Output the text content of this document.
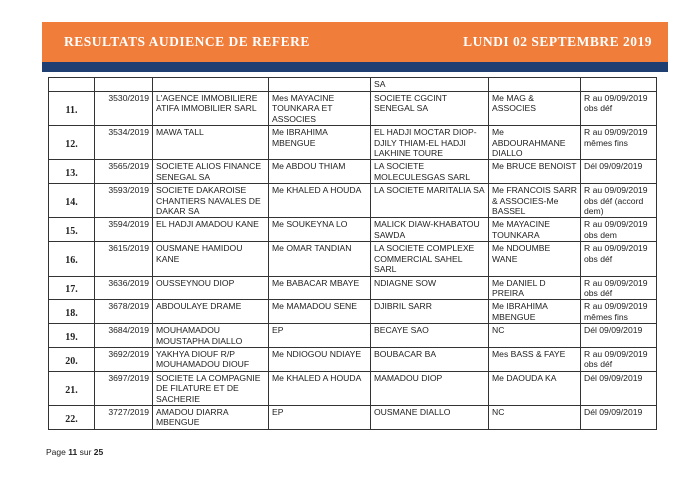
RESULTATS AUDIENCE DE REFERE	LUNDI 02 SEPTEMBRE 2019
				SA		
11.	3530/2019	L'AGENCE IMMOBILIERE ATIFA IMMOBILIER SARL	Mes MAYACINE TOUNKARA ET ASSOCIES	SOCIETE CGCINT SENEGAL SA	Me MAG & ASSOCIES	R au 09/09/2019 obs déf
12.	3534/2019	MAWA TALL	Me IBRAHIMA MBENGUE	EL HADJI MOCTAR DIOP-DJILY THIAM-EL HADJI LAKHINE TOURE	Me ABDOURAHMANE DIALLO	R au 09/09/2019 mêmes fins
13.	3565/2019	SOCIETE ALIOS FINANCE SENEGAL SA	Me ABDOU THIAM	LA SOCIETE MOLECULESGAS SARL	Me BRUCE BENOIST	Dél 09/09/2019
14.	3593/2019	SOCIETE DAKAROISE CHANTIERS NAVALES DE DAKAR SA	Me KHALED A HOUDA	LA SOCIETE MARITALIA SA	Me FRANCOIS SARR & ASSOCIES-Me BASSEL	R au 09/09/2019 obs déf (accord dem)
15.	3594/2019	EL HADJI AMADOU KANE	Me SOUKEYNA LO	MALICK DIAW-KHABATOU SAWDA	Me MAYACINE TOUNKARA	R au 09/09/2019 obs dem
16.	3615/2019	OUSMANE HAMIDOU KANE	Me OMAR TANDIAN	LA SOCIETE COMPLEXE COMMERCIAL SAHEL SARL	Me NDOUMBE WANE	R au 09/09/2019 obs déf
17.	3636/2019	OUSSEYNOU DIOP	Me BABACAR MBAYE	NDIAGNE SOW	Me DANIEL D PREIRA	R au 09/09/2019 obs déf
18.	3678/2019	ABDOULAYE DRAME	Me MAMADOU SENE	DJIBRIL SARR	Me IBRAHIMA MBENGUE	R au 09/09/2019 mêmes fins
19.	3684/2019	MOUHAMADOU MOUSTAPHA DIALLO	EP	BECAYE SAO	NC	Dél 09/09/2019
20.	3692/2019	YAKHYA DIOUF R/P MOUHAMADOU DIOUF	Me NDIOGOU NDIAYE	BOUBACAR BA	Mes BASS & FAYE	R au 09/09/2019 obs déf
21.	3697/2019	SOCIETE LA COMPAGNIE DE FILATURE ET DE SACHERIE	Me KHALED A HOUDA	MAMADOU DIOP	Me DAOUDA KA	Dél 09/09/2019
22.	3727/2019	AMADOU DIARRA MBENGUE	EP	OUSMANE DIALLO	NC	Dél 09/09/2019
Page 11 sur 25
